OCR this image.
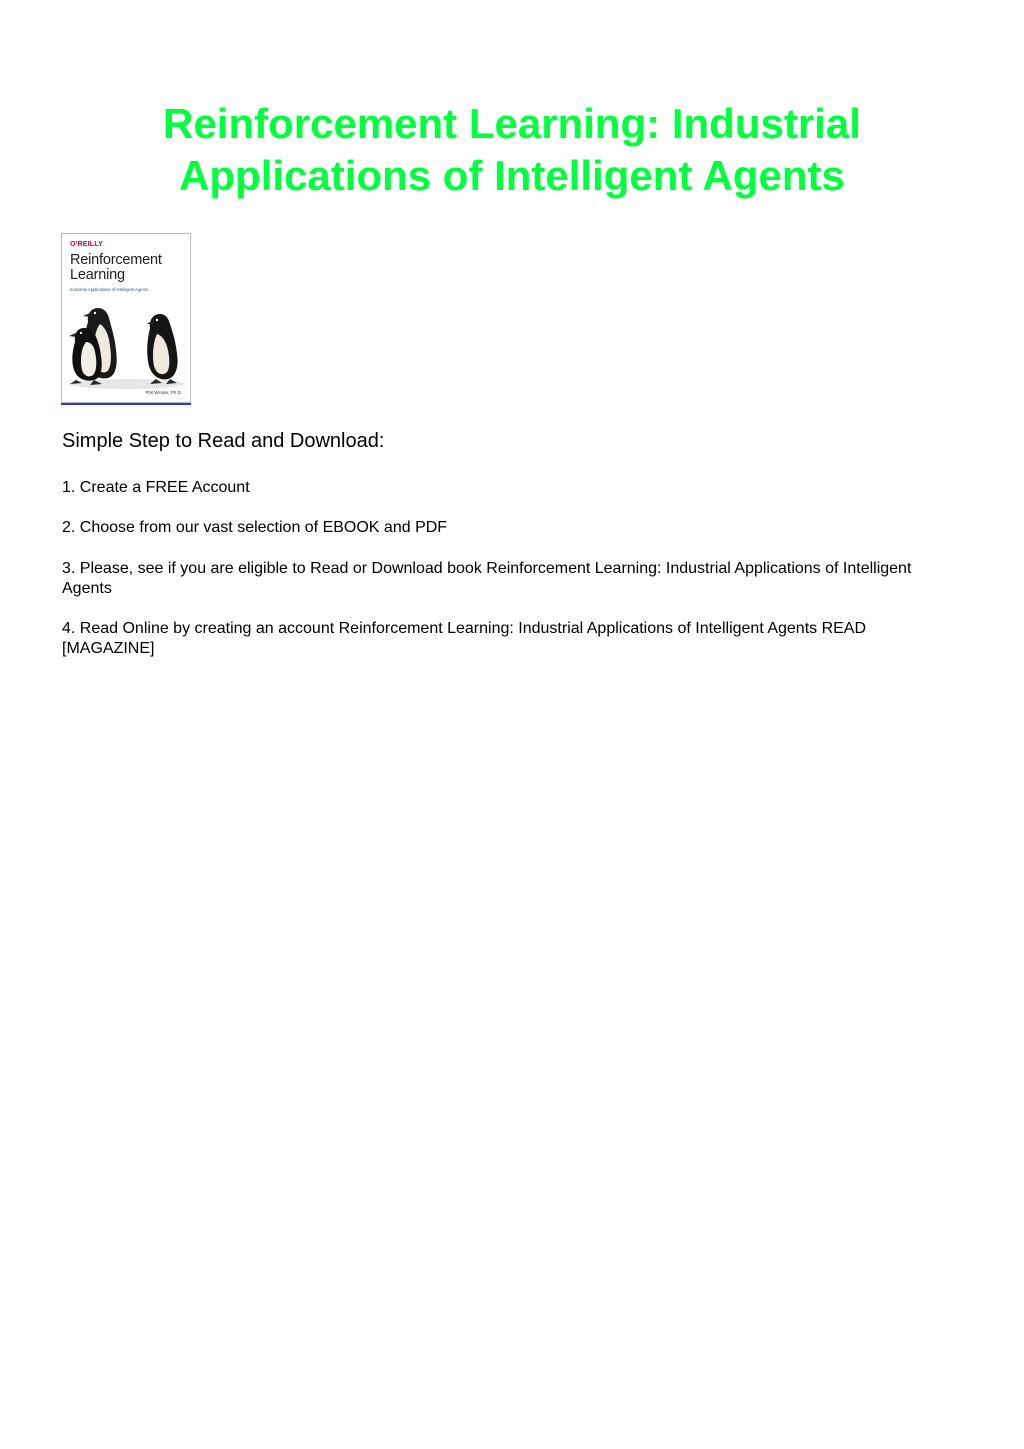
Reinforcement Learning: Industrial Applications of Intelligent Agents
O'REILLY
Reinforcement
Learning
Industrial Applications of Intelligent Agents
Phil Winder, Ph.D.
Simple Step to Read and Download:

1. Create a FREE Account

2. Choose from our vast selection of EBOOK and PDF

3. Please, see if you are eligible to Read or Download book Reinforcement Learning: Industrial Applications of Intelligent Agents

4. Read Online by creating an account Reinforcement Learning: Industrial Applications of Intelligent Agents READ [MAGAZINE]
